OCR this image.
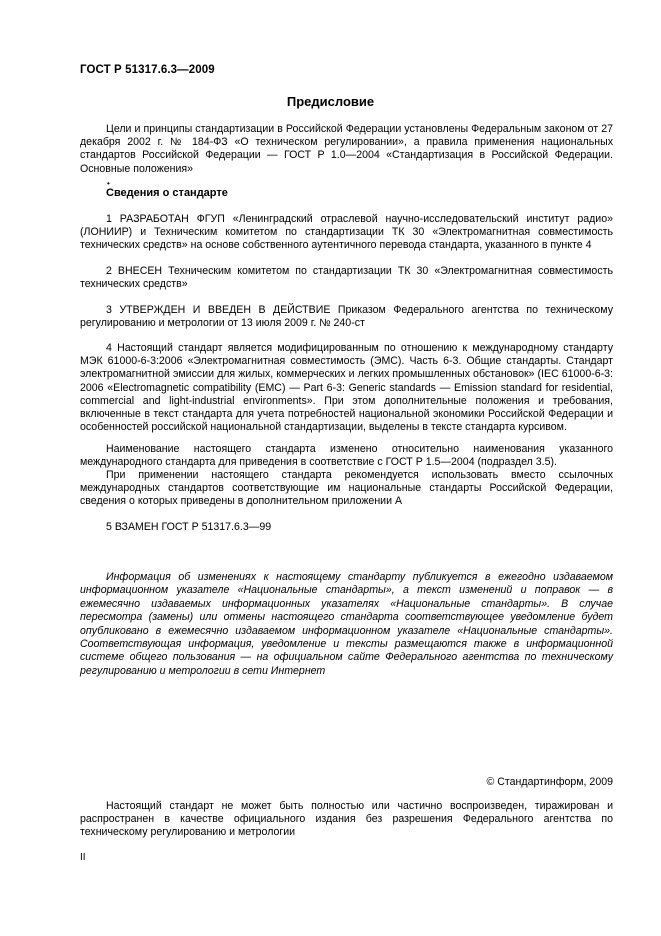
ГОСТ Р 51317.6.3—2009
Предисловие

Цели и принципы стандартизации в Российской Федерации установлены Федеральным законом от 27 декабря 2002 г. № 184-ФЗ «О техническом регулировании», а правила применения национальных стандартов Российской Федерации — ГОСТ Р 1.0—2004 «Стандартизация в Российской Федерации. Основные положения»

•
Сведения о стандарте

1 РАЗРАБОТАН ФГУП «Ленинградский отраслевой научно-исследовательский институт радио» (ЛОНИИР) и Техническим комитетом по стандартизации ТК 30 «Электромагнитная совместимость технических средств» на основе собственного аутентичного перевода стандарта, указанного в пункте 4

2 ВНЕСЕН Техническим комитетом по стандартизации ТК 30 «Электромагнитная совместимость технических средств»

3 УТВЕРЖДЕН И ВВЕДЕН В ДЕЙСТВИЕ Приказом Федерального агентства по техническому регулированию и метрологии от 13 июля 2009 г. № 240-ст

4 Настоящий стандарт является модифицированным по отношению к международному стандарту МЭК 61000-6-3:2006 «Электромагнитная совместимость (ЭМС). Часть 6-3. Общие стандарты. Стандарт электромагнитной эмиссии для жилых, коммерческих и легких промышленных обстановок» (IEC 61000-6-3: 2006 «Electromagnetic compatibility (EMC) — Part 6-3: Generic standards — Emission standard for residential, commercial and light-industrial environments». При этом дополнительные положения и требования, включенные в текст стандарта для учета потребностей национальной экономики Российской Федерации и особенностей российской национальной стандартизации, выделены в тексте стандарта курсивом.

Наименование настоящего стандарта изменено относительно наименования указанного международного стандарта для приведения в соответствие с ГОСТ Р 1.5—2004 (подраздел 3.5).

При применении настоящего стандарта рекомендуется использовать вместо ссылочных международных стандартов соответствующие им национальные стандарты Российской Федерации, сведения о которых приведены в дополнительном приложении А

5 ВЗАМЕН ГОСТ Р 51317.6.3—99

Информация об изменениях к настоящему стандарту публикуется в ежегодно издаваемом информационном указателе «Национальные стандарты», а текст изменений и поправок — в ежемесячно издаваемых информационных указателях «Национальные стандарты». В случае пересмотра (замены) или отмены настоящего стандарта соответствующее уведомление будет опубликовано в ежемесячно издаваемом информационном указателе «Национальные стандарты». Соответствующая информация, уведомление и тексты размещаются также в информационной системе общего пользования — на официальном сайте Федерального агентства по техническому регулированию и метрологии в сети Интернет

© Стандартинформ, 2009

Настоящий стандарт не может быть полностью или частично воспроизведен, тиражирован и распространен в качестве официального издания без разрешения Федерального агентства по техническому регулированию и метрологии

II
